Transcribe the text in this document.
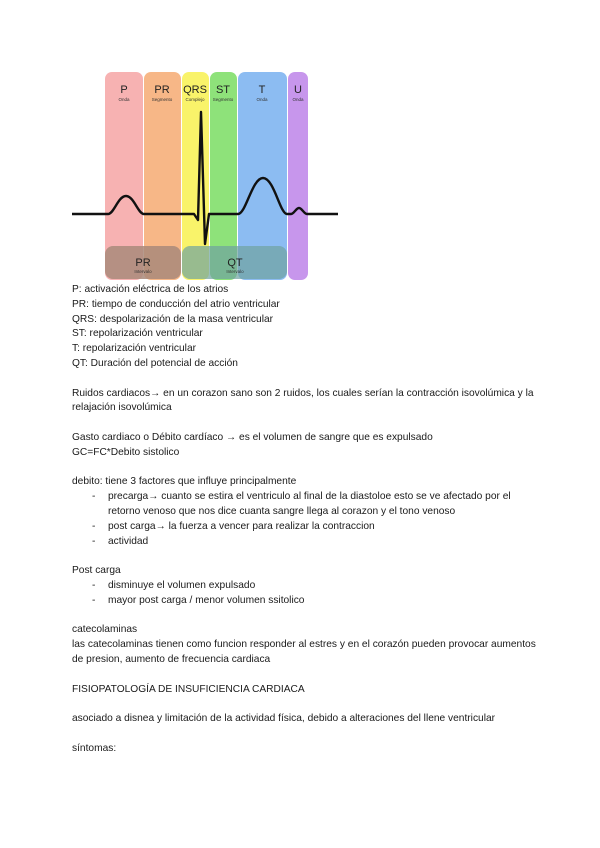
P
Onda
PR
Segmento
QRS
Complejo
ST
Segmento
T
Onda
U
Onda
PR
Intervalo
QT
Intervalo

P: activación eléctrica de los atrios

PR: tiempo de conducción del atrio ventricular

QRS: despolarización de la masa ventricular

ST: repolarización ventricular

T: repolarización ventricular

QT: Duración del potencial de acción

Ruidos cardiacos→ en un corazon sano son 2 ruidos, los cuales serían la contracción isovolúmica y la relajación isovolúmica

Gasto cardiaco o Débito cardíaco → es el volumen de sangre que es expulsado

GC=FC*Debito sistolico

debito: tiene 3 factores que influye principalmente

- precarga→ cuanto se estira el ventriculo al final de la diastoloe esto se ve afectado por el retorno venoso que nos dice cuanta sangre llega al corazon y el tono venoso
- post carga→ la fuerza a vencer para realizar la contraccion
- actividad

Post carga

- disminuye el volumen expulsado
- mayor post carga / menor volumen ssitolico

catecolaminas

las catecolaminas tienen como funcion responder al estres y en el corazón pueden provocar aumentos de presion, aumento de frecuencia cardiaca

FISIOPATOLOGÍA DE INSUFICIENCIA CARDIACA

asociado a disnea y limitación de la actividad física, debido a alteraciones del llene ventricular

síntomas:
